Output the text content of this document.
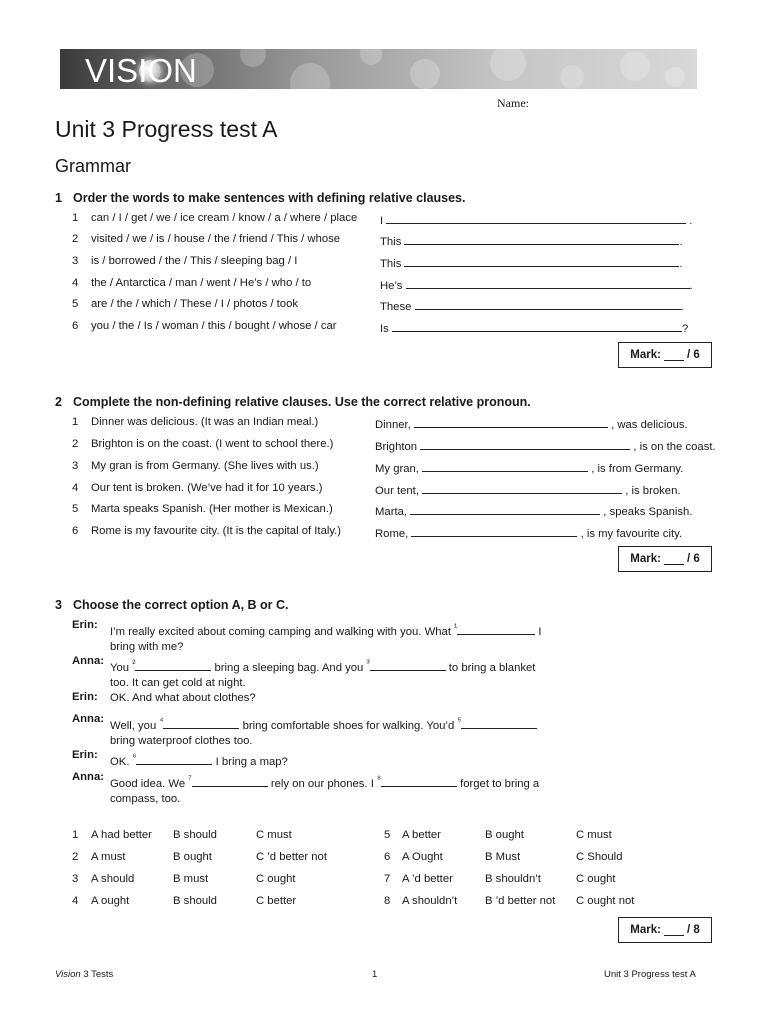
VISION
Name:
Unit 3 Progress test A
Grammar
1 Order the words to make sentences with defining relative clauses.
1 can / I / get / we / ice cream / know / a / where / place I	.
2 visited / we / is / house / the / friend / This / whose	This	.
3 is / borrowed / the / This / sleeping bag / I	This	.
4 the / Antarctica / man / went / He’s / who / to	He’s	.
5 are / the / which / These / I / photos / took	These	.
6 you / the / Is / woman / this / bought / whose / car	Is	?
Mark: / 6
2 Complete the non-defining relative clauses. Use the correct relative pronoun.
1 Dinner was delicious. (It was an Indian meal.)	Dinner,	, was delicious.
2 Brighton is on the coast. (I went to school there.)	Brighton	, is on the coast.
3 My gran is from Germany. (She lives with us.)	My gran,	, is from Germany.
4 Our tent is broken. (We’ve had it for 10 years.)	Our tent,	, is broken.
5 Marta speaks Spanish. (Her mother is Mexican.)	Marta,	, speaks Spanish.
6 Rome is my favourite city. (It is the capital of Italy.)	Rome,	, is my favourite city.
Mark: / 6
3 Choose the correct option A, B or C.
Erin:
I’m really excited about coming camping and walking with you. What $^{^1}$	I
bring with me?
Anna:
You $^{^2}$	bring a sleeping bag. And you $^{^3}$	to bring a blanket
too. It can get cold at night.
Erin: OK. And what about clothes?
Anna:
Well, you $^{^4}$	bring comfortable shoes for walking. You’d $^{^5}$
bring waterproof clothes too.
Erin:
OK. $^{^6}$	I bring a map?
Anna:
Good idea. We $^{^7}$	rely on our phones. I $^{^8}$	forget to bring a
compass, too.
1 A had better B should	C must
2 A must	B ought	C ’d better not
3 A should	B must	C ought
4 A ought	B should	C better
5 A better	B ought	C must
6 A Ought	B Must	C Should
7 A ’d better	B shouldn’t	C ought
8 A shouldn’t B ’d better not C ought not
Mark: / 8
Vision 3 Tests	1	Unit 3 Progress test A
